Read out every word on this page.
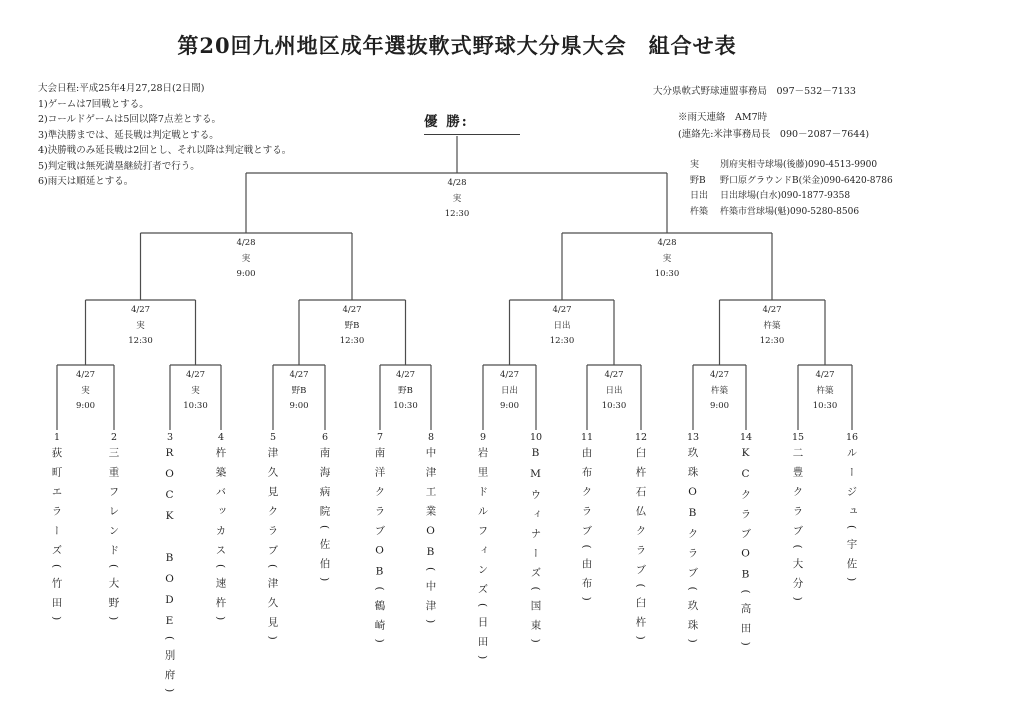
第20回九州地区成年選抜軟式野球大分県大会　組合せ表
大会日程:平成25年4月27,28日(2日間)
1)ゲームは7回戦とする。
2)コールドゲームは5回以降7点差とする。
3)準決勝までは、延長戦は判定戦とする。
4)決勝戦のみ延長戦は2回とし、それ以降は判定戦とする。
5)判定戦は無死満塁継続打者で行う。
6)雨天は順延とする。
大分県軟式野球連盟事務局　097－532－7133
※雨天連絡　AM7時
(連絡先:米津事務局長　090－2087－7644)
実	別府実相寺球場(後藤)090-4513-9900
野B	野口原グラウンドB(栄金)090-6420-8786
日出	日出球場(白水)090-1877-9358
杵築	杵築市営球場(魁)090-5280-8506
優 勝:
4/28
実
12:30
4/28
実
9:00
4/28
実
10:30
4/27
実
12:30
4/27
野B
12:30
4/27
日出
12:30
4/27
杵築
12:30
4/27
実
9:00
4/27
実
10:30
4/27
野B
9:00
4/27
野B
10:30
4/27
日出
9:00
4/27
日出
10:30
4/27
杵築
9:00
4/27
杵築
10:30
1
荻町エラーズ(竹田)
2
三重フレンド(大野)
3
ROCK BODE(別府)
4
杵築バッカス(速杵)
5
津久見クラブ(津久見)
6
南海病院(佐伯)
7
南洋クラブOB(鶴崎)
8
中津工業OB(中津)
9
岩里ドルフィンズ(日田)
10
BMウィナーズ(国東)
11
由布クラブ(由布)
12
臼杵石仏クラブ(臼杵)
13
玖珠OBクラブ(玖珠)
14
KCクラブOB(高田)
15
二豊クラブ(大分)
16
ルージュ(宇佐)
